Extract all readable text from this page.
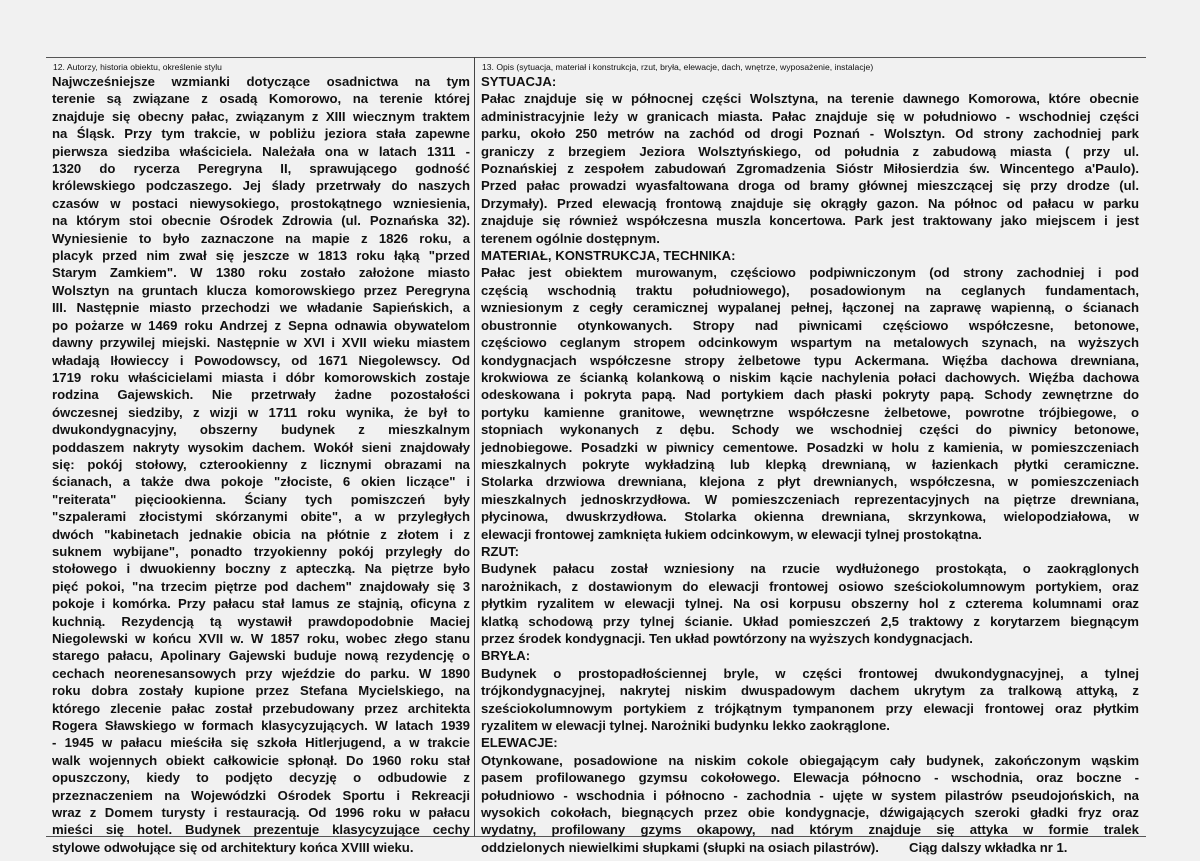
12. Autorzy, historia obiektu, określenie stylu	13. Opis (sytuacja, materiał i konstrukcja, rzut, bryła, elewacje, dach, wnętrze, wyposażenie, instalacje)
Najwcześniejsze wzmianki dotyczące osadnictwa na tym
terenie są związane z osadą Komorowo, na terenie której
znajduje się obecny pałac, związanym z XIII wiecznym traktem
na Śląsk. Przy tym trakcie, w pobliżu jeziora stała zapewne
pierwsza siedziba właściciela. Należała ona w latach 1311 -
1320 do rycerza Peregryna II, sprawującego godność
królewskiego podczaszego. Jej ślady przetrwały do naszych
czasów w postaci niewysokiego, prostokątnego wzniesienia,
na którym stoi obecnie Ośrodek Zdrowia (ul. Poznańska 32).
Wyniesienie to było zaznaczone na mapie z 1826 roku, a
placyk przed nim zwał się jeszcze w 1813 roku łąką "przed
Starym Zamkiem". W 1380 roku zostało założone miasto
Wolsztyn na gruntach klucza komorowskiego przez Peregryna
III. Następnie miasto przechodzi we władanie Sapieńskich, a
po pożarze w 1469 roku Andrzej z Sepna odnawia obywatelom
dawny przywilej miejski. Następnie w XVI i XVII wieku miastem
władają Iłowieccy i Powodowscy, od 1671 Niegolewscy. Od
1719 roku właścicielami miasta i dóbr komorowskich zostaje
rodzina Gajewskich. Nie przetrwały żadne pozostałości
ówczesnej siedziby, z wizji w 1711 roku wynika, że był to
dwukondygnacyjny, obszerny budynek z mieszkalnym
poddaszem nakryty wysokim dachem. Wokół sieni znajdowały
się: pokój stołowy, czterookienny z licznymi obrazami na
ścianach, a także dwa pokoje "złociste, 6 okien liczące" i
"reiterata" pięciookienna. Ściany tych pomiszczeń były
"szpalerami złocistymi skórzanymi obite", a w przyległych
dwóch "kabinetach jednakie obicia na płótnie z złotem i z
suknem wybijane", ponadto trzyokienny pokój przyległy do
stołowego i dwuokienny boczny z apteczką. Na piętrze było
pięć pokoi, "na trzecim piętrze pod dachem" znajdowały się 3
pokoje i komórka. Przy pałacu stał lamus ze stajnią, oficyna z
kuchnią. Rezydencją tą wystawił prawdopodobnie Maciej
Niegolewski w końcu XVII w. W 1857 roku, wobec złego stanu
starego pałacu, Apolinary Gajewski buduje nową rezydencję o
cechach neorenesansowych przy wjeździe do parku. W 1890
roku dobra zostały kupione przez Stefana Mycielskiego, na
którego zlecenie pałac został przebudowany przez architekta
Rogera Sławskiego w formach klasycyzujących. W latach 1939
- 1945 w pałacu mieściła się szkoła Hitlerjugend, a w trakcie
walk wojennych obiekt całkowicie spłonął. Do 1960 roku stał
opuszczony, kiedy to podjęto decyzję o odbudowie z
przeznaczeniem na Wojewódzki Ośrodek Sportu i Rekreacji
wraz z Domem turysty i restauracją. Od 1996 roku w pałacu
mieści się hotel. Budynek prezentuje klasycyzujące cechy
stylowe odwołujące się od architektury końca XVIII wieku.
SYTUACJA:
Pałac znajduje się w północnej części Wolsztyna, na terenie dawnego Komorowa, które obecnie
administracyjnie leży w granicach miasta. Pałac znajduje się w południowo - wschodniej części
parku, około 250 metrów na zachód od drogi Poznań - Wolsztyn. Od strony zachodniej park
graniczy z brzegiem Jeziora Wolsztyńskiego, od południa z zabudową miasta ( przy ul.
Poznańskiej z zespołem zabudowań Zgromadzenia Sióstr Miłosierdzia św. Wincentego a'Paulo).
Przed pałac prowadzi wyasfaltowana droga od bramy głównej mieszczącej się przy drodze (ul.
Drzymały). Przed elewacją frontową znajduje się okrągły gazon. Na północ od pałacu w parku
znajduje się również współczesna muszla koncertowa. Park jest traktowany jako miejscem i jest
terenem ogólnie dostępnym.
MATERIAŁ, KONSTRUKCJA, TECHNIKA:
Pałac jest obiektem murowanym, częściowo podpiwniczonym (od strony zachodniej i pod
częścią wschodnią traktu południowego), posadowionym na ceglanych fundamentach,
wzniesionym z cegły ceramicznej wypalanej pełnej, łączonej na zaprawę wapienną, o ścianach
obustronnie otynkowanych. Stropy nad piwnicami częściowo współczesne, betonowe,
częściowo ceglanym stropem odcinkowym wspartym na metalowych szynach, na wyższych
kondygnacjach współczesne stropy żelbetowe typu Ackermana. Więźba dachowa drewniana,
krokwiowa ze ścianką kolankową o niskim kącie nachylenia połaci dachowych. Więźba dachowa
odeskowana i pokryta papą. Nad portykiem dach płaski pokryty papą. Schody zewnętrzne do
portyku kamienne granitowe, wewnętrzne współczesne żelbetowe, powrotne trójbiegowe, o
stopniach wykonanych z dębu. Schody we wschodniej części do piwnicy betonowe,
jednobiegowe. Posadzki w piwnicy cementowe. Posadzki w holu z kamienia, w pomieszczeniach
mieszkalnych pokryte wykładziną lub klepką drewnianą, w łazienkach płytki ceramiczne.
Stolarka drzwiowa drewniana, klejona z płyt drewnianych, współczesna, w pomieszczeniach
mieszkalnych jednoskrzydłowa. W pomieszczeniach reprezentacyjnych na piętrze drewniana,
płycinowa, dwuskrzydłowa. Stolarka okienna drewniana, skrzynkowa, wielopodziałowa, w
elewacji frontowej zamknięta łukiem odcinkowym, w elewacji tylnej prostokątna.
RZUT:
Budynek pałacu został wzniesiony na rzucie wydłużonego prostokąta, o zaokrąglonych
narożnikach, z dostawionym do elewacji frontowej osiowo sześciokolumnowym portykiem, oraz
płytkim ryzalitem w elewacji tylnej. Na osi korpusu obszerny hol z czterema kolumnami oraz
klatką schodową przy tylnej ścianie. Układ pomieszczeń 2,5 traktowy z korytarzem biegnącym
przez środek kondygnacji. Ten układ powtórzony na wyższych kondygnacjach.
BRYŁA:
Budynek o prostopadłościennej bryle, w części frontowej dwukondygnacyjnej, a tylnej
trójkondygnacyjnej, nakrytej niskim dwuspadowym dachem ukrytym za tralkową attyką, z
sześciokolumnowym portykiem z trójkątnym tympanonem przy elewacji frontowej oraz płytkim
ryzalitem w elewacji tylnej. Narożniki budynku lekko zaokrąglone.
ELEWACJE:
Otynkowane, posadowione na niskim cokole obiegającym cały budynek, zakończonym wąskim
pasem profilowanego gzymsu cokołowego. Elewacja północno - wschodnia, oraz boczne -
południowo - wschodnia i północno - zachodnia - ujęte w system pilastrów pseudojońskich, na
wysokich cokołach, biegnących przez obie kondygnacje, dźwigających szeroki gładki fryz oraz
wydatny, profilowany gzyms okapowy, nad którym znajduje się attyka w formie tralek
oddzielonych niewielkimi słupkami (słupki na osiach pilastrów). Ciąg dalszy wkładka nr 1.
